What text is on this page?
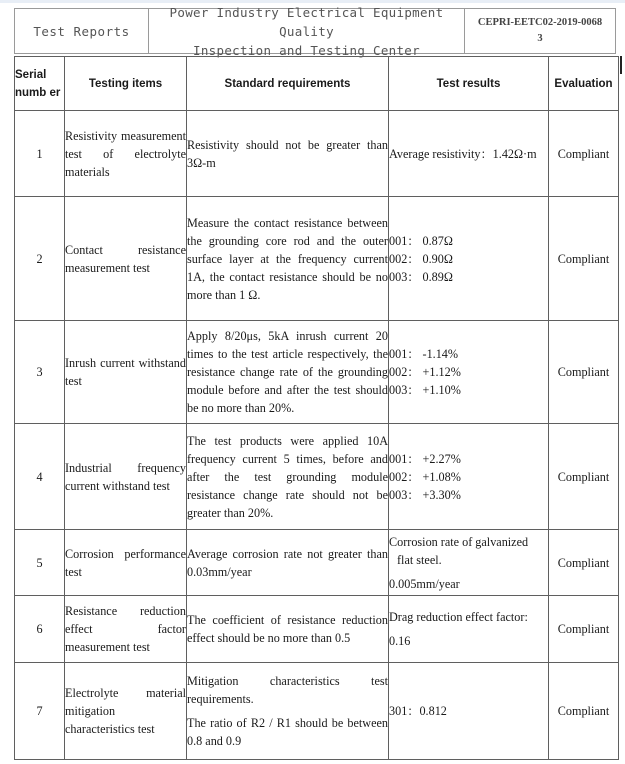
Test Reports
Power Industry Electrical Equipment Quality
Inspection and Testing Center
CEPRI-EETC02-2019-0068
3
Serial numb er	Testing items	Standard requirements	Test results	Evaluation
1	Resistivity measurement test of electrolyte materials	Resistivity should not be greater than 3Ω-m	Average resistivity：1.42Ω·m	Compliant
2	Contact resistance measurement test	Measure the contact resistance between the grounding core rod and the outer surface layer at the frequency current 1A, the contact resistance should be no more than 1 Ω.	001： 0.87Ω
002： 0.90Ω
003： 0.89Ω	Compliant
3	Inrush current withstand test	Apply 8/20μs, 5kA inrush current 20 times to the test article respectively, the resistance change rate of the grounding module before and after the test should be no more than 20%.	001： -1.14%
002： +1.12%
003： +1.10%	Compliant
4	Industrial frequency current withstand test	The test products were applied 10A frequency current 5 times, before and after the test grounding module resistance change rate should not be greater than 20%.	001： +2.27%
002： +1.08%
003： +3.30%	Compliant
5	Corrosion performance test	Average corrosion rate not greater than 0.03mm/year	Corrosion rate of galvanized
flat steel.
0.005mm/year	Compliant
6	Resistance reduction effect factor measurement test	The coefficient of resistance reduction effect should be no more than 0.5	Drag reduction effect factor:
0.16	Compliant
7	Electrolyte material mitigation characteristics test	Mitigation characteristics test requirements.
The ratio of R2 / R1 should be between 0.8 and 0.9	301：0.812	Compliant
